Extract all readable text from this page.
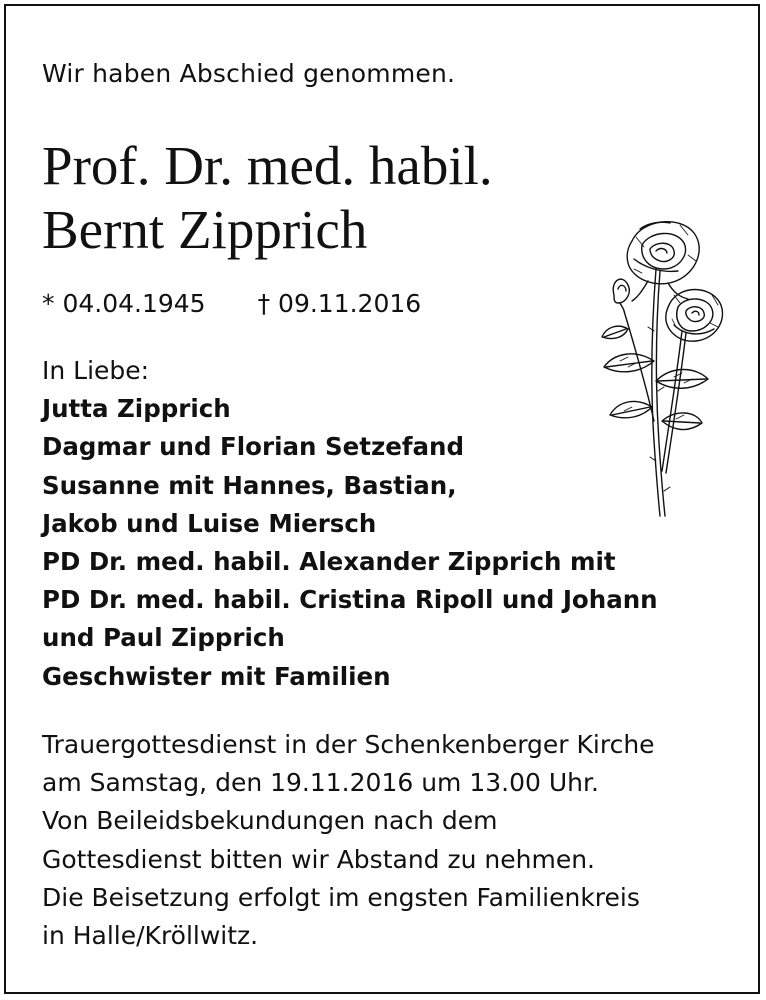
Wir haben Abschied genommen.
Prof. Dr. med. habil.
Bernt Zipprich
* 04.04.1945 † 09.11.2016
In Liebe:
Jutta Zipprich
Dagmar und Florian Setzefand
Susanne mit Hannes, Bastian,
Jakob und Luise Miersch
PD Dr. med. habil. Alexander Zipprich mit
PD Dr. med. habil. Cristina Ripoll und Johann
und Paul Zipprich
Geschwister mit Familien
Trauergottesdienst in der Schenkenberger Kirche
am Samstag, den 19.11.2016 um 13.00 Uhr.
Von Beileidsbekundungen nach dem
Gottesdienst bitten wir Abstand zu nehmen.
Die Beisetzung erfolgt im engsten Familienkreis
in Halle/Kröllwitz.
